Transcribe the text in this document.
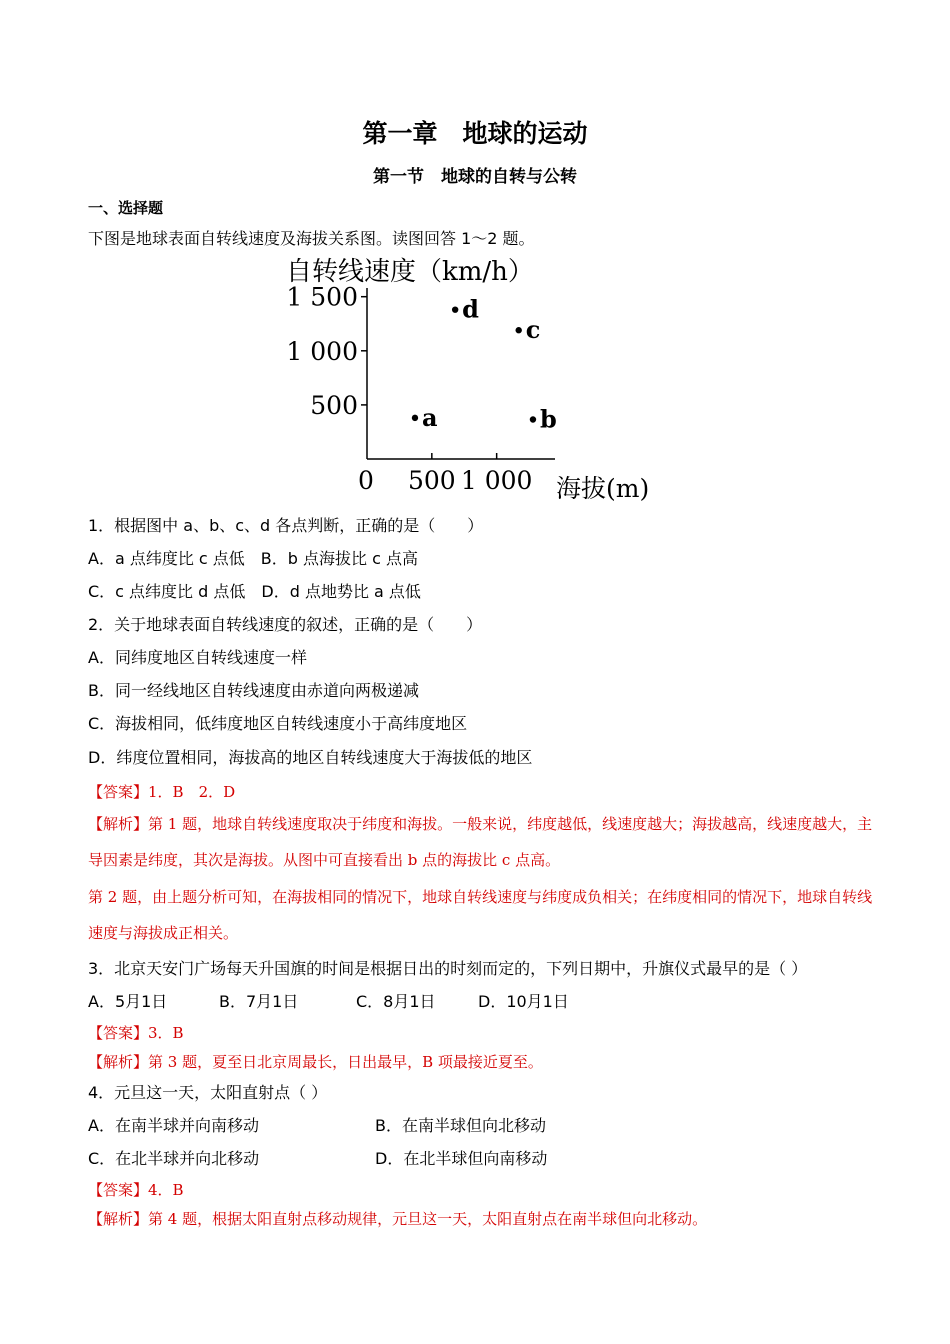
第一章　地球的运动
第一节　地球的自转与公转
一、选择题
下图是地球表面自转线速度及海拔关系图。读图回答 1～2 题。
自转线速度（km/h）
海拔(m)
0
500
1 000
1 500
500 1 000
a	b
c
d
1．根据图中 a、b、c、d 各点判断，正确的是（　　）
A．a 点纬度比 c 点低　B．b 点海拔比 c 点高
C．c 点纬度比 d 点低　D．d 点地势比 a 点低
2．关于地球表面自转线速度的叙述，正确的是（　　）
A．同纬度地区自转线速度一样
B．同一经线地区自转线速度由赤道向两极递减
C．海拔相同，低纬度地区自转线速度小于高纬度地区
D．纬度位置相同，海拔高的地区自转线速度大于海拔低的地区
【答案】1．B　2．D
【解析】第 1 题，地球自转线速度取决于纬度和海拔。一般来说，纬度越低，线速度越大；海拔越高，线速度越大，主导因素是纬度，其次是海拔。从图中可直接看出 b 点的海拔比 c 点高。
第 2 题，由上题分析可知，在海拔相同的情况下，地球自转线速度与纬度成负相关；在纬度相同的情况下，地球自转线速度与海拔成正相关。
3．北京天安门广场每天升国旗的时间是根据日出的时刻而定的，下列日期中，升旗仪式最早的是（ ）
A．5月1日	B．7月1日	C．8月1日	D．10月1日
【答案】3．B
【解析】第 3 题，夏至日北京周最长，日出最早，B 项最接近夏至。
4．元旦这一天，太阳直射点（ ）
A．在南半球并向南移动	B．在南半球但向北移动
C．在北半球并向北移动	D．在北半球但向南移动
【答案】4．B
【解析】第 4 题，根据太阳直射点移动规律，元旦这一天，太阳直射点在南半球但向北移动。
